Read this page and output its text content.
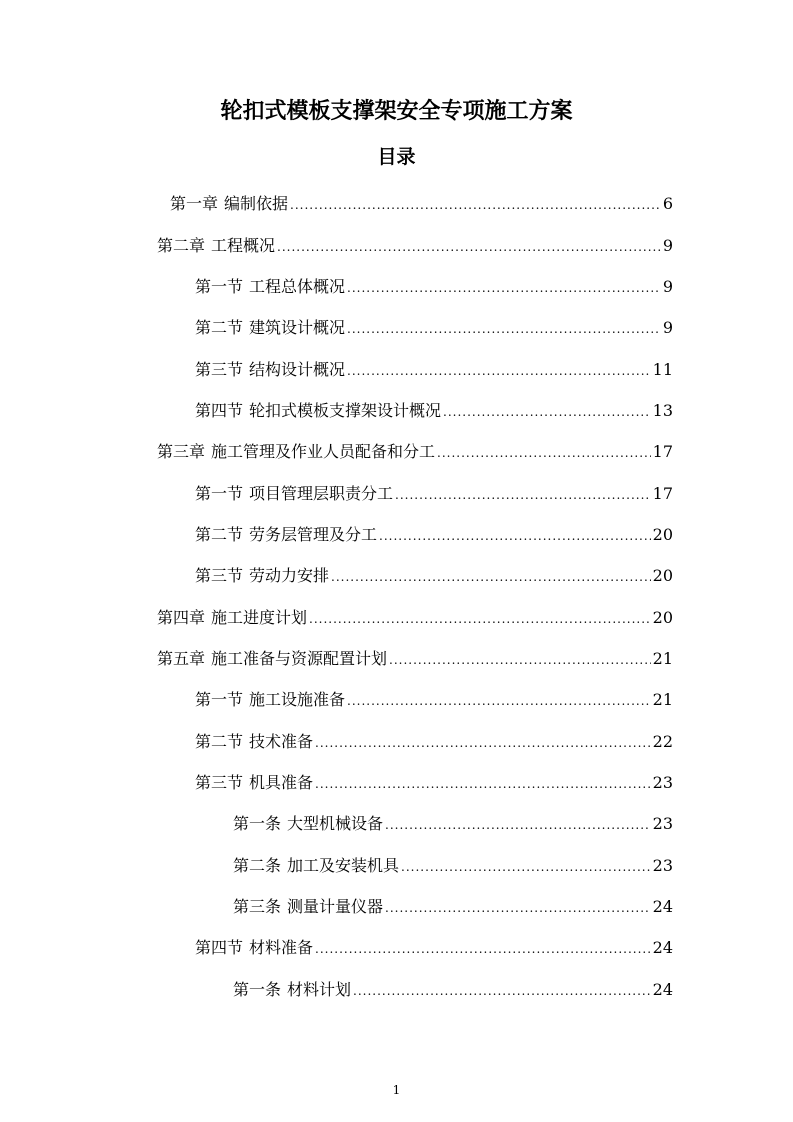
轮扣式模板支撑架安全专项施工方案
目录
第一章 编制依据 .....	6
第二章 工程概况 .....	9
第一节 工程总体概况 .....	9
第二节 建筑设计概况 .....	9
第三节 结构设计概况 .....	11
第四节 轮扣式模板支撑架设计概况 .....	13
第三章 施工管理及作业人员配备和分工 .....	17
第一节 项目管理层职责分工 .....	17
第二节 劳务层管理及分工 .....	20
第三节 劳动力安排 .....	20
第四章 施工进度计划 .....	20
第五章 施工准备与资源配置计划 .....	21
第一节 施工设施准备 .....	21
第二节 技术准备 .....	22
第三节 机具准备 .....	23
第一条 大型机械设备 .....	23
第二条 加工及安装机具 .....	23
第三条 测量计量仪器 .....	24
第四节 材料准备 .....	24
第一条 材料计划 .....	24

1
